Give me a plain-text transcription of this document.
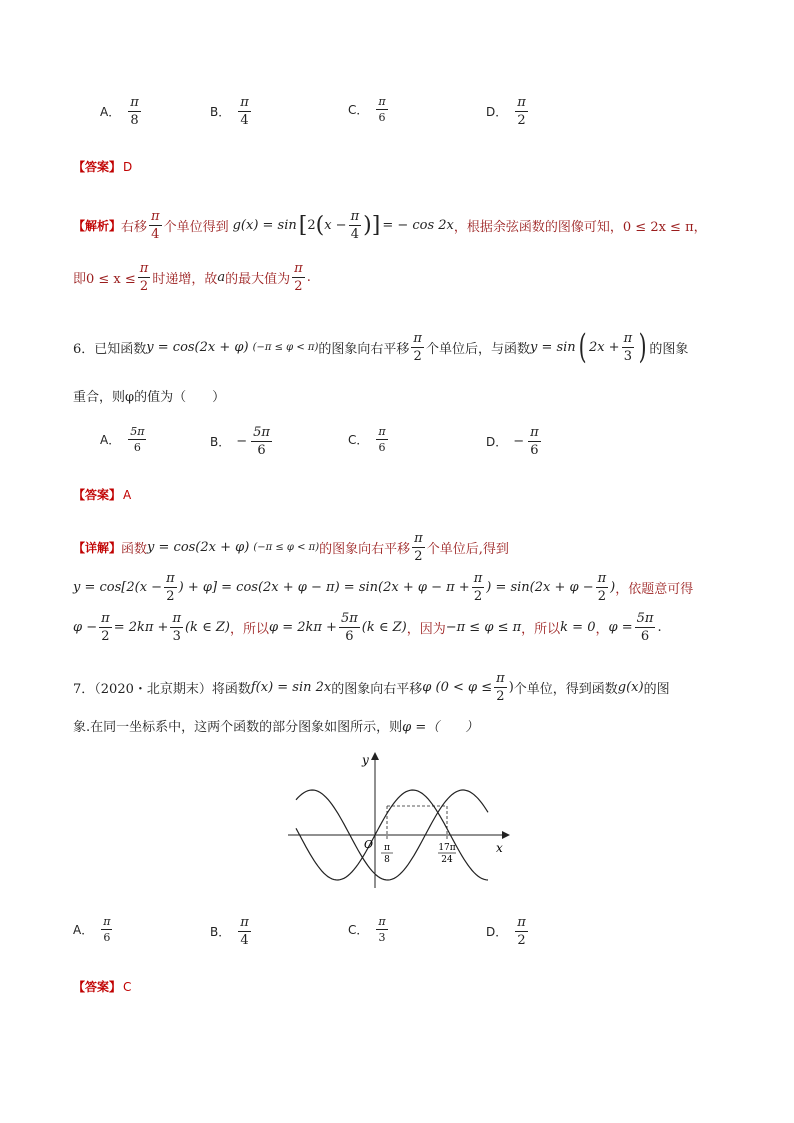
A． $\frac{\pi}{8}$	B． $\frac{\pi}{4}$	C． $\frac{\pi}{6}$	D． $\frac{\pi}{2}$
【答案】 D
【解析】 右移 $\frac{\pi}{4}$ 个单位得到 g(x) = sin [ 2 ( $x - \frac{\pi}{4}$ ) ] = − cos 2x ，根据余弦函数的图像可知，0 ≤ 2x ≤ π，
即$0 \le x \le \frac{\pi}{2}$ 时递增，故 a 的最大值为 $\frac{\pi}{2}$ .
6．已知函数 y = cos(2x + φ) (−π ≤ φ < π) 的图象向右平移 $\frac{\pi}{2}$ 个单位后，与函数 y = sin ( $2x + \frac{\pi}{3}$ ) 的图象
重合，则φ的值为（　　）
A． $\frac{5\pi}{6}$	B． − $\frac{5\pi}{6}$	C． $\frac{\pi}{6}$	D． − $\frac{\pi}{6}$
【答案】 A
【详解】 函数 y = cos(2x + φ) (−π ≤ φ < π) 的图象向右平移 $\frac{\pi}{2}$ 个单位后,得到
$y = \cos[2(x - \frac{\pi}{2}$ ) + $\varphi] = \cos(2x + \varphi - \pi) = \sin(2x + \varphi - \pi + \frac{\pi}{2}$ ) = $\sin(2x + \varphi - \frac{\pi}{2}$ ) ，依题意可得
$\varphi - \frac{\pi}{2} = 2k\pi + \frac{\pi}{3} (k$ ∈ Z) ，所以 $\varphi = 2k\pi + \frac{5\pi}{6} (k$ ∈ Z) ，因为 −π ≤ φ ≤ π ，所以 k = 0 ， $\varphi = \frac{5\pi}{6}$ .
7．（2020・北京期末）将函数 f(x) = sin 2x 的图象向右平移 φ ($0 < \varphi \le \frac{\pi}{2}$ ) 个单位，得到函数 g(x) 的图
象.在同一坐标系中，这两个函数的部分图象如图所示，则 φ =（　　）
y
x
O π
8
17π
24
A． $\frac{\pi}{6}$	B． $\frac{\pi}{4}$	C． $\frac{\pi}{3}$	D． $\frac{\pi}{2}$
【答案】 C
